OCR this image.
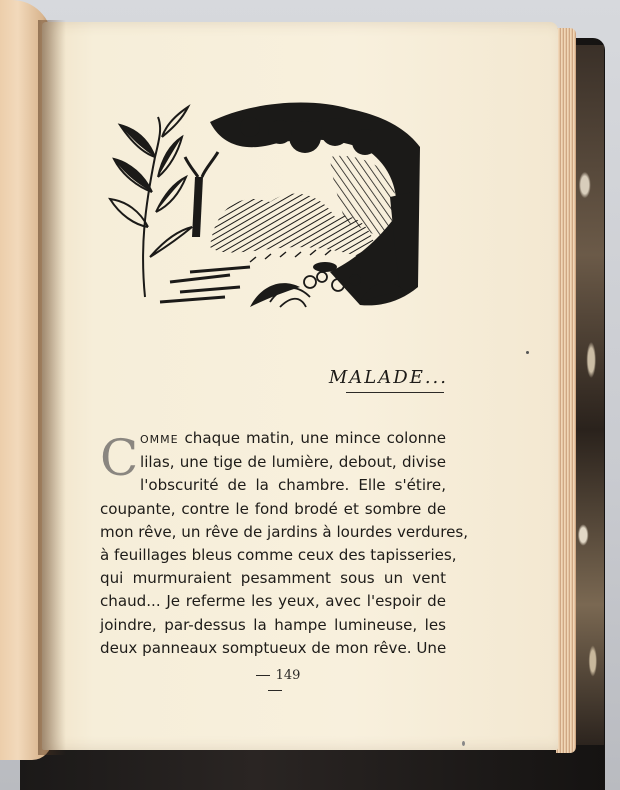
MALADE...
C OMME chaque matin, une mince colonne
lilas, une tige de lumière, debout, divise
l'obscurité de la chambre. Elle s'étire,
coupante, contre le fond brodé et sombre de
mon rêve, un rêve de jardins à lourdes verdures,
à feuillages bleus comme ceux des tapisseries,
qui murmuraient pesamment sous un vent
chaud... Je referme les yeux, avec l'espoir de
joindre, par-dessus la hampe lumineuse, les
deux panneaux somptueux de mon rêve. Une
149
